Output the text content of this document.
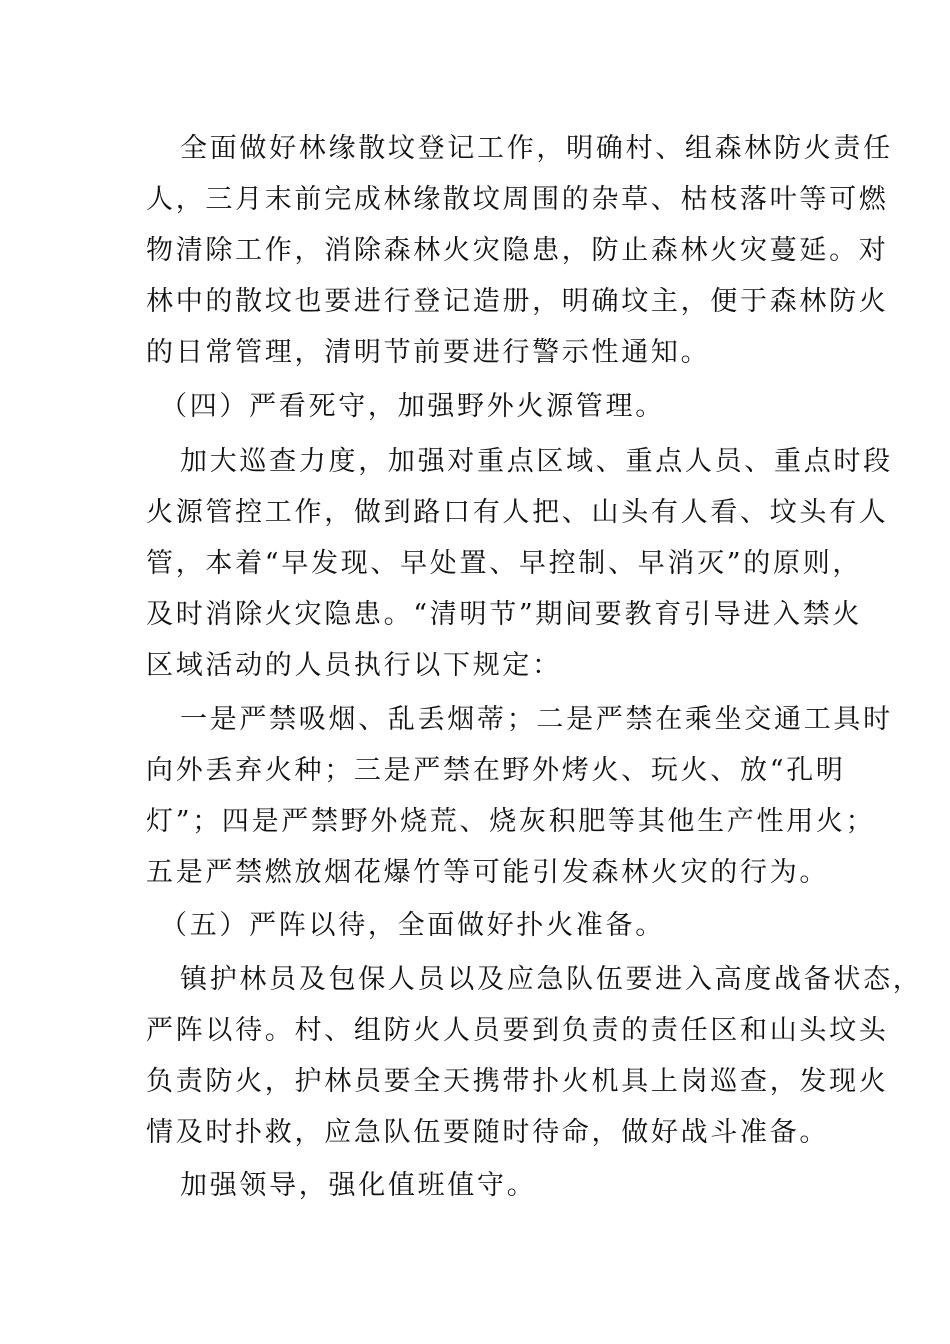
全面做好林缘散坟登记工作，明确村、组森林防火责任
人，三月末前完成林缘散坟周围的杂草、枯枝落叶等可燃
物清除工作，消除森林火灾隐患，防止森林火灾蔓延。对
林中的散坟也要进行登记造册，明确坟主，便于森林防火
的日常管理，清明节前要进行警示性通知。
（四）严看死守，加强野外火源管理。
加大巡查力度，加强对重点区域、重点人员、重点时段
火源管控工作，做到路口有人把、山头有人看、坟头有人
管，本着“早发现、早处置、早控制、早消灭”的原则，
及时消除火灾隐患。“清明节”期间要教育引导进入禁火
区域活动的人员执行以下规定：
一是严禁吸烟、乱丢烟蒂；二是严禁在乘坐交通工具时
向外丢弃火种；三是严禁在野外烤火、玩火、放“孔明
灯”；四是严禁野外烧荒、烧灰积肥等其他生产性用火；
五是严禁燃放烟花爆竹等可能引发森林火灾的行为。
（五）严阵以待，全面做好扑火准备。
镇护林员及包保人员以及应急队伍要进入高度战备状态，
严阵以待。村、组防火人员要到负责的责任区和山头坟头
负责防火，护林员要全天携带扑火机具上岗巡查，发现火
情及时扑救，应急队伍要随时待命，做好战斗准备。
加强领导，强化值班值守。
